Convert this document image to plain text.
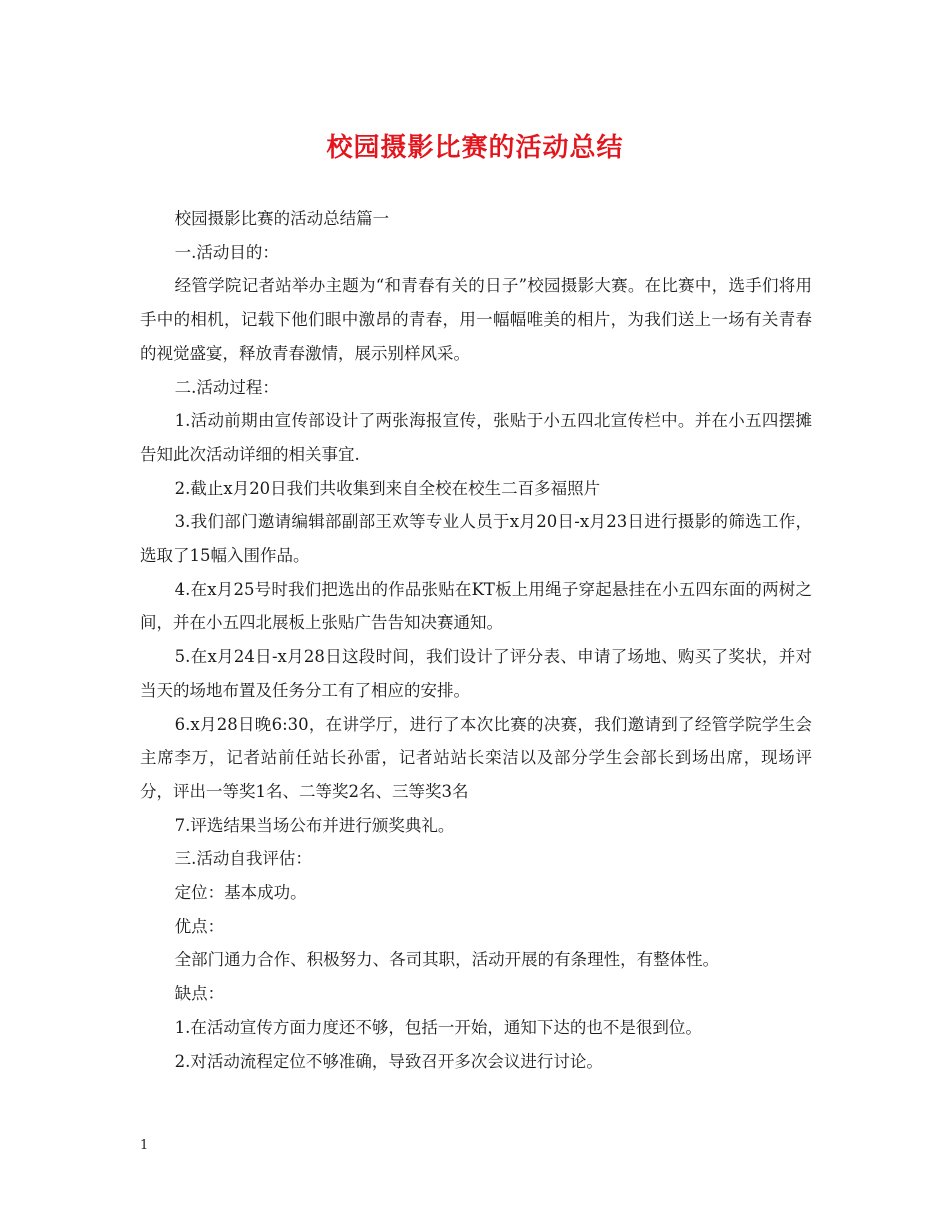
校园摄影比赛的活动总结

校园摄影比赛的活动总结篇一

一.活动目的：

经管学院记者站举办主题为“和青春有关的日子”校园摄影大赛。在比赛中，选手们将用手中的相机，记载下他们眼中激昂的青春，用一幅幅唯美的相片，为我们送上一场有关青春的视觉盛宴，释放青春激情，展示别样风采。

二.活动过程：

1.活动前期由宣传部设计了两张海报宣传，张贴于小五四北宣传栏中。并在小五四摆摊告知此次活动详细的相关事宜.

2.截止x月20日我们共收集到来自全校在校生二百多福照片

3.我们部门邀请编辑部副部王欢等专业人员于x月20日-x月23日进行摄影的筛选工作，选取了15幅入围作品。

4.在x月25号时我们把选出的作品张贴在KT板上用绳子穿起悬挂在小五四东面的两树之间，并在小五四北展板上张贴广告告知决赛通知。

5.在x月24日-x月28日这段时间，我们设计了评分表、申请了场地、购买了奖状，并对当天的场地布置及任务分工有了相应的安排。

6.x月28日晚6:30，在讲学厅，进行了本次比赛的决赛，我们邀请到了经管学院学生会主席李万，记者站前任站长孙雷，记者站站长栾洁以及部分学生会部长到场出席，现场评分，评出一等奖1名、二等奖2名、三等奖3名

7.评选结果当场公布并进行颁奖典礼。

三.活动自我评估：

定位：基本成功。

优点：

全部门通力合作、积极努力、各司其职，活动开展的有条理性，有整体性。

缺点：

1.在活动宣传方面力度还不够，包括一开始，通知下达的也不是很到位。

2.对活动流程定位不够准确，导致召开多次会议进行讨论。

1
